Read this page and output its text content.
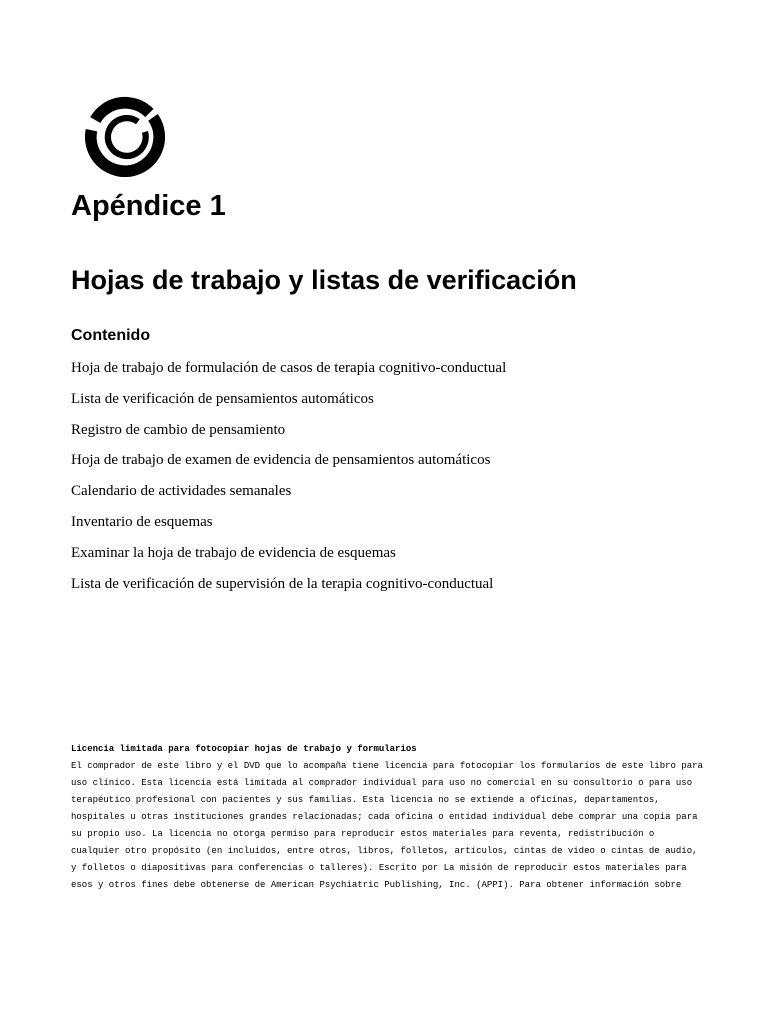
Apéndice 1
Hojas de trabajo y listas de verificación
Contenido
Hoja de trabajo de formulación de casos de terapia cognitivo-conductual
Lista de verificación de pensamientos automáticos
Registro de cambio de pensamiento
Hoja de trabajo de examen de evidencia de pensamientos automáticos
Calendario de actividades semanales
Inventario de esquemas
Examinar la hoja de trabajo de evidencia de esquemas
Lista de verificación de supervisión de la terapia cognitivo-conductual
Licencia limitada para fotocopiar hojas de trabajo y formularios
El comprador de este libro y el DVD que lo acompaña tiene licencia para fotocopiar los formularios de este libro para
uso clínico. Esta licencia está limitada al comprador individual para uso no comercial en su consultorio o para uso
terapéutico profesional con pacientes y sus familias. Esta licencia no se extiende a oficinas, departamentos,
hospitales u otras instituciones grandes relacionadas; cada oficina o entidad individual debe comprar una copia para
su propio uso. La licencia no otorga permiso para reproducir estos materiales para reventa, redistribución o
cualquier otro propósito (en incluidos, entre otros, libros, folletos, artículos, cintas de video o cintas de audio,
y folletos o diapositivas para conferencias o talleres). Escrito por La misión de reproducir estos materiales para
esos y otros fines debe obtenerse de American Psychiatric Publishing, Inc. (APPI). Para obtener información sobre
